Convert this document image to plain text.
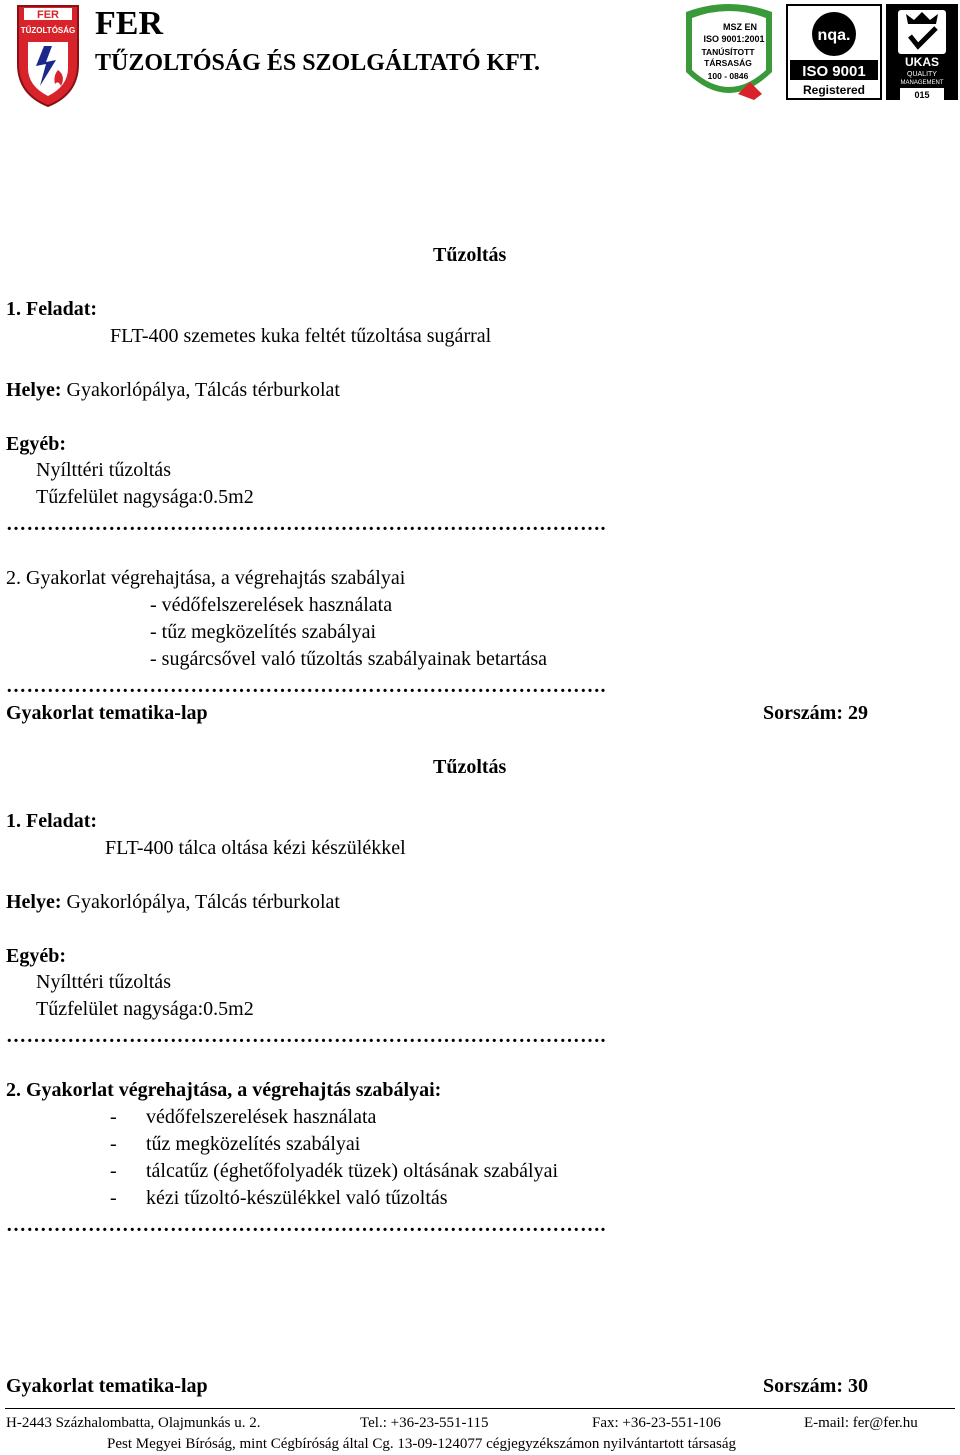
FER
TŰZOLTÓSÁG FER
TŰZOLTÓSÁG ÉS SZOLGÁLTATÓ KFT.
MSZ EN
ISO 9001:2001
TANÚSÍTOTT
TÁRSASÁG
100 - 0846
nqa.
ISO 9001
Registered
UKAS
QUALITY
MANAGEMENT
015
Tűzoltás
1. Feladat:
FLT-400 szemetes kuka feltét tűzoltása sugárral
Helye: Gyakorlópálya, Tálcás térburkolat
Egyéb:
Nyílttéri tűzoltás
Tűzfelület nagysága:0.5m2
…………………………………………………………………………….
2. Gyakorlat végrehajtása, a végrehajtás szabályai
- védőfelszerelések használata
- tűz megközelítés szabályai
- sugárcsővel való tűzoltás szabályainak betartása
…………………………………………………………………………….
Gyakorlat tematika-lap	Sorszám: 29
Tűzoltás
1. Feladat:
FLT-400 tálca oltása kézi készülékkel
Helye: Gyakorlópálya, Tálcás térburkolat
Egyéb:
Nyílttéri tűzoltás
Tűzfelület nagysága:0.5m2
…………………………………………………………………………….
2. Gyakorlat végrehajtása, a végrehajtás szabályai:
- védőfelszerelések használata
- tűz megközelítés szabályai
- tálcatűz (éghetőfolyadék tüzek) oltásának szabályai
- kézi tűzoltó-készülékkel való tűzoltás
…………………………………………………………………………….
Gyakorlat tematika-lap	Sorszám: 30
H-2443 Százhalombatta, Olajmunkás u. 2.	Tel.: +36-23-551-115	Fax: +36-23-551-106	E-mail: fer@fer.hu
Pest Megyei Bíróság, mint Cégbíróság által Cg. 13-09-124077 cégjegyzékszámon nyilvántartott társaság
